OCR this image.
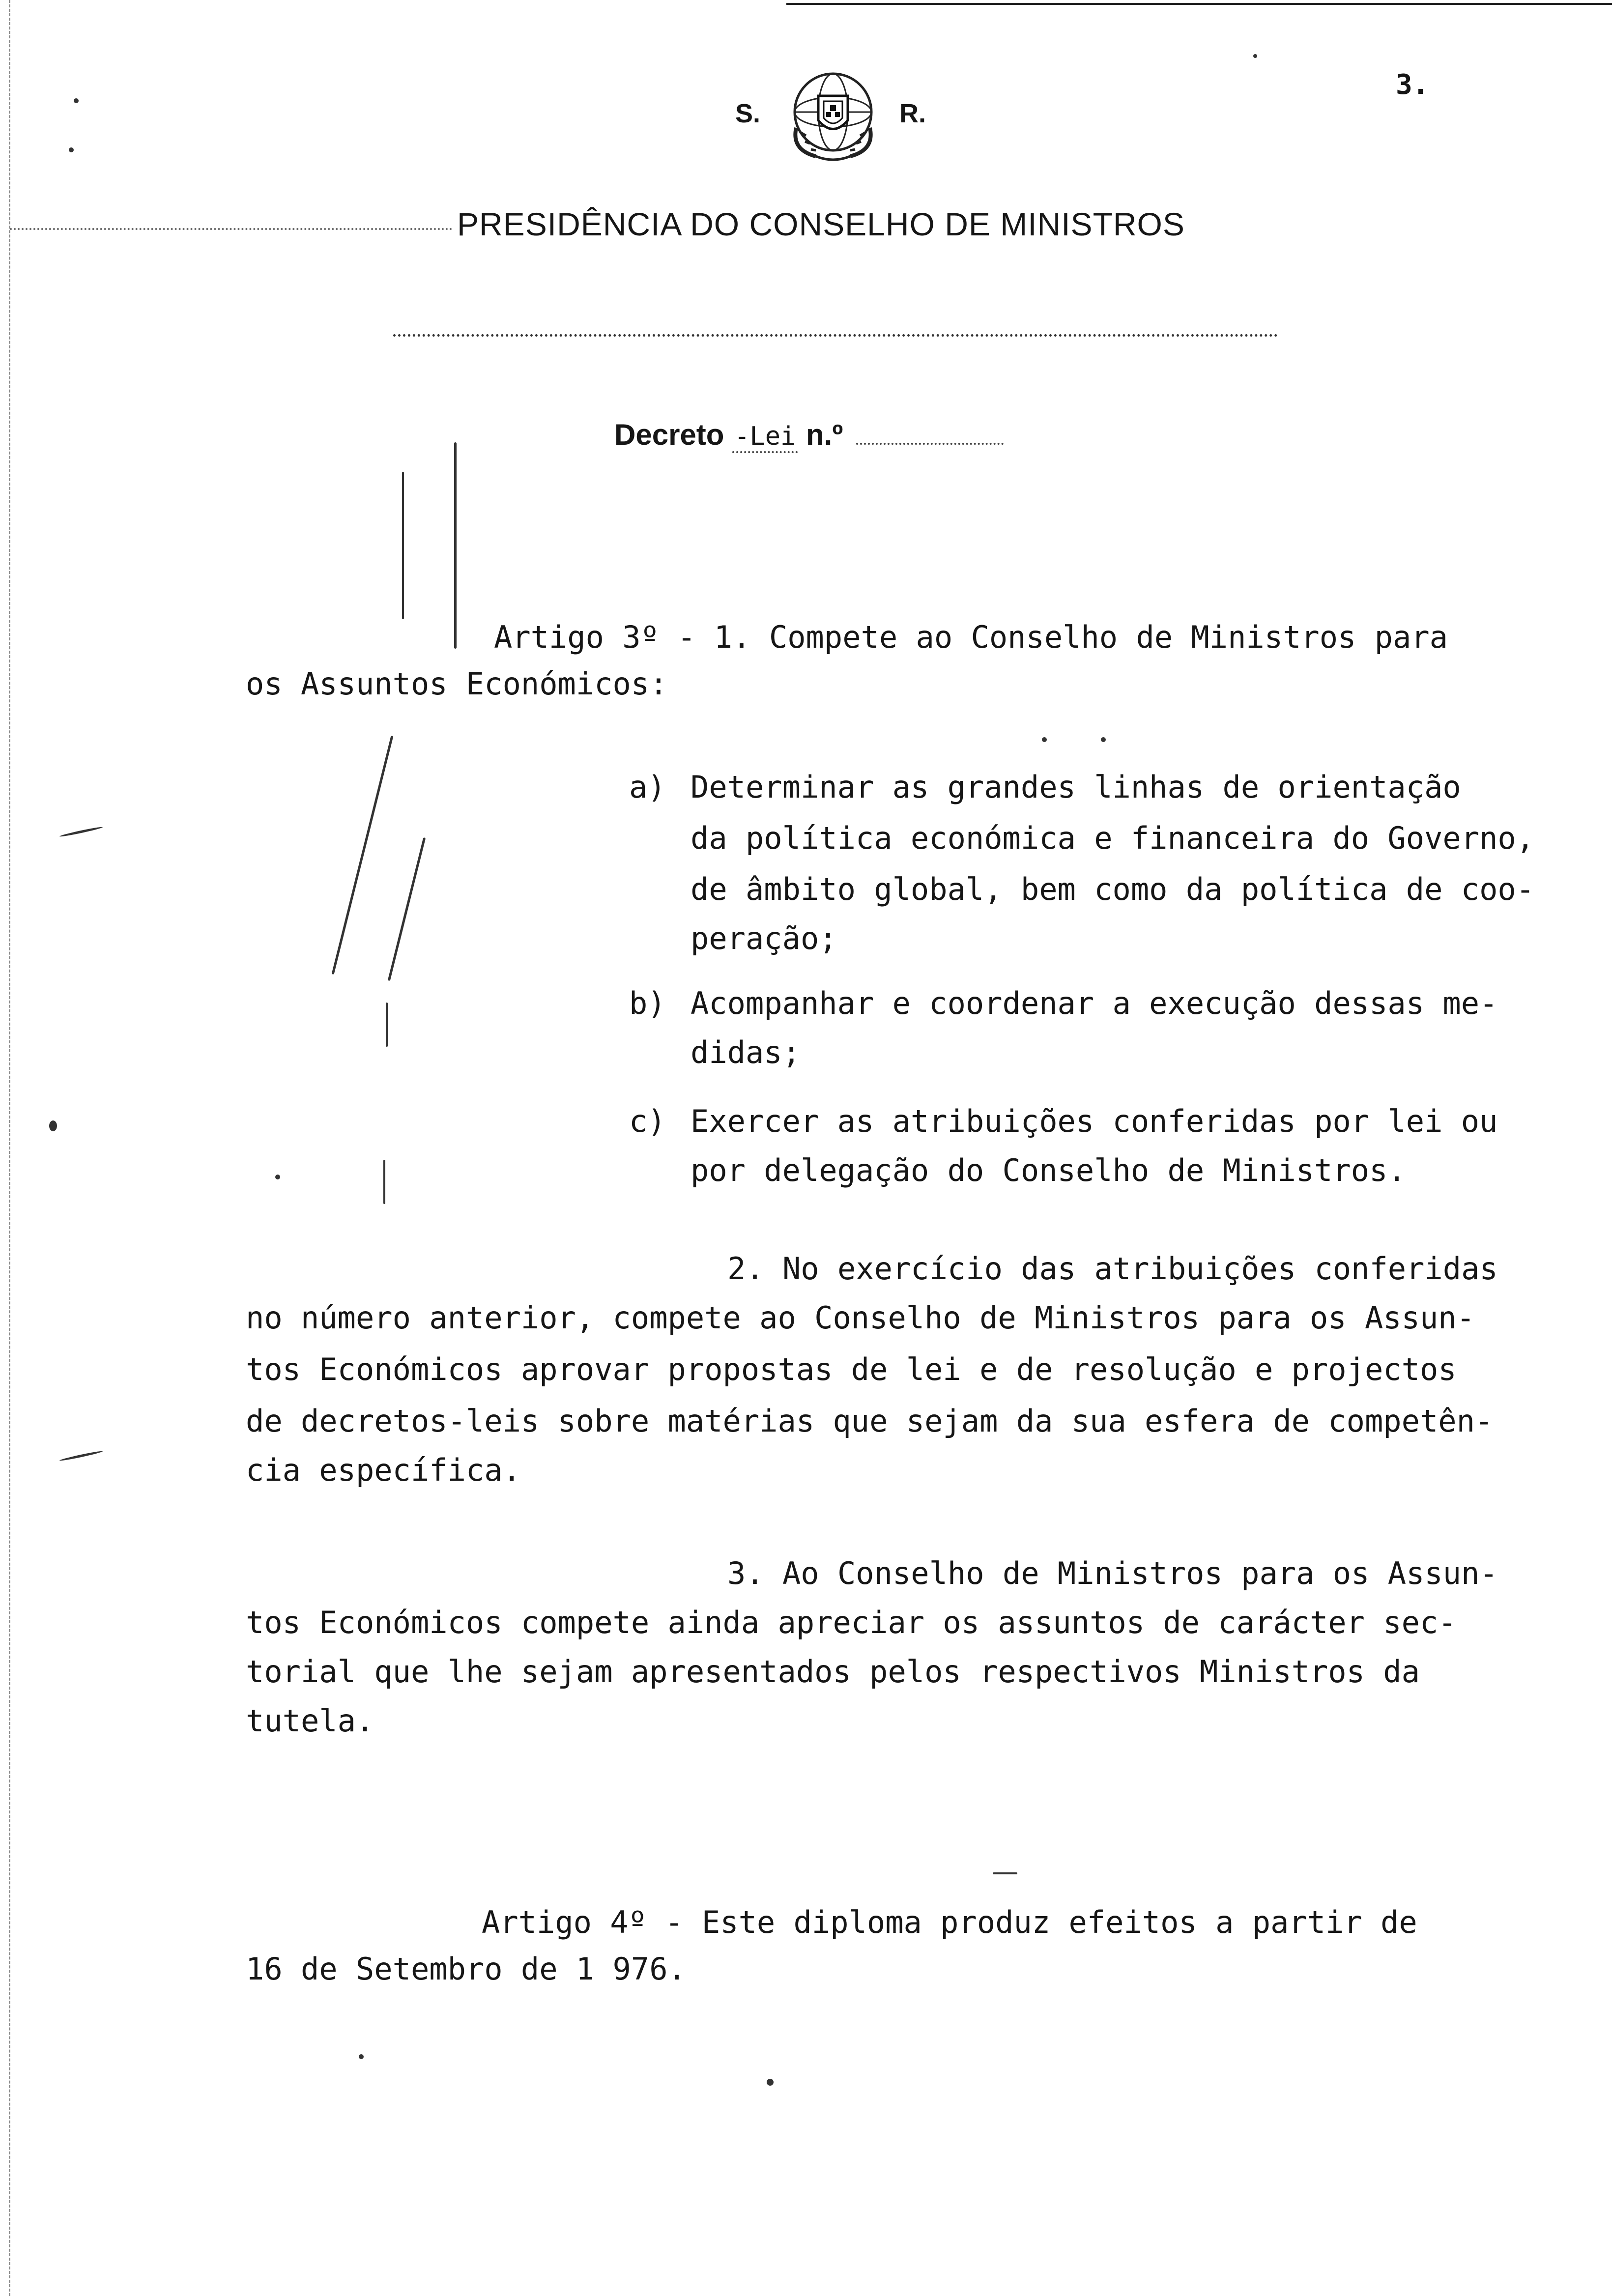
3.
S.	R.
PRESIDÊNCIA DO CONSELHO DE MINISTROS
Decreto -Lei n.º
Artigo 3º - 1. Compete ao Conselho de Ministros para
os Assuntos Económicos:
a) Determinar as grandes linhas de orientação
da política económica e financeira do Governo,
de âmbito global, bem como da política de coo-
peração;
b) Acompanhar e coordenar a execução dessas me-
didas;
c) Exercer as atribuições conferidas por lei ou
por delegação do Conselho de Ministros.
2. No exercício das atribuições conferidas
no número anterior, compete ao Conselho de Ministros para os Assun-
tos Económicos aprovar propostas de lei e de resolução e projectos
de decretos-leis sobre matérias que sejam da sua esfera de competên-
cia específica.
3. Ao Conselho de Ministros para os Assun-
tos Económicos compete ainda apreciar os assuntos de carácter sec-
torial que lhe sejam apresentados pelos respectivos Ministros da
tutela.
Artigo 4º - Este diploma produz efeitos a partir de
16 de Setembro de 1 976.
